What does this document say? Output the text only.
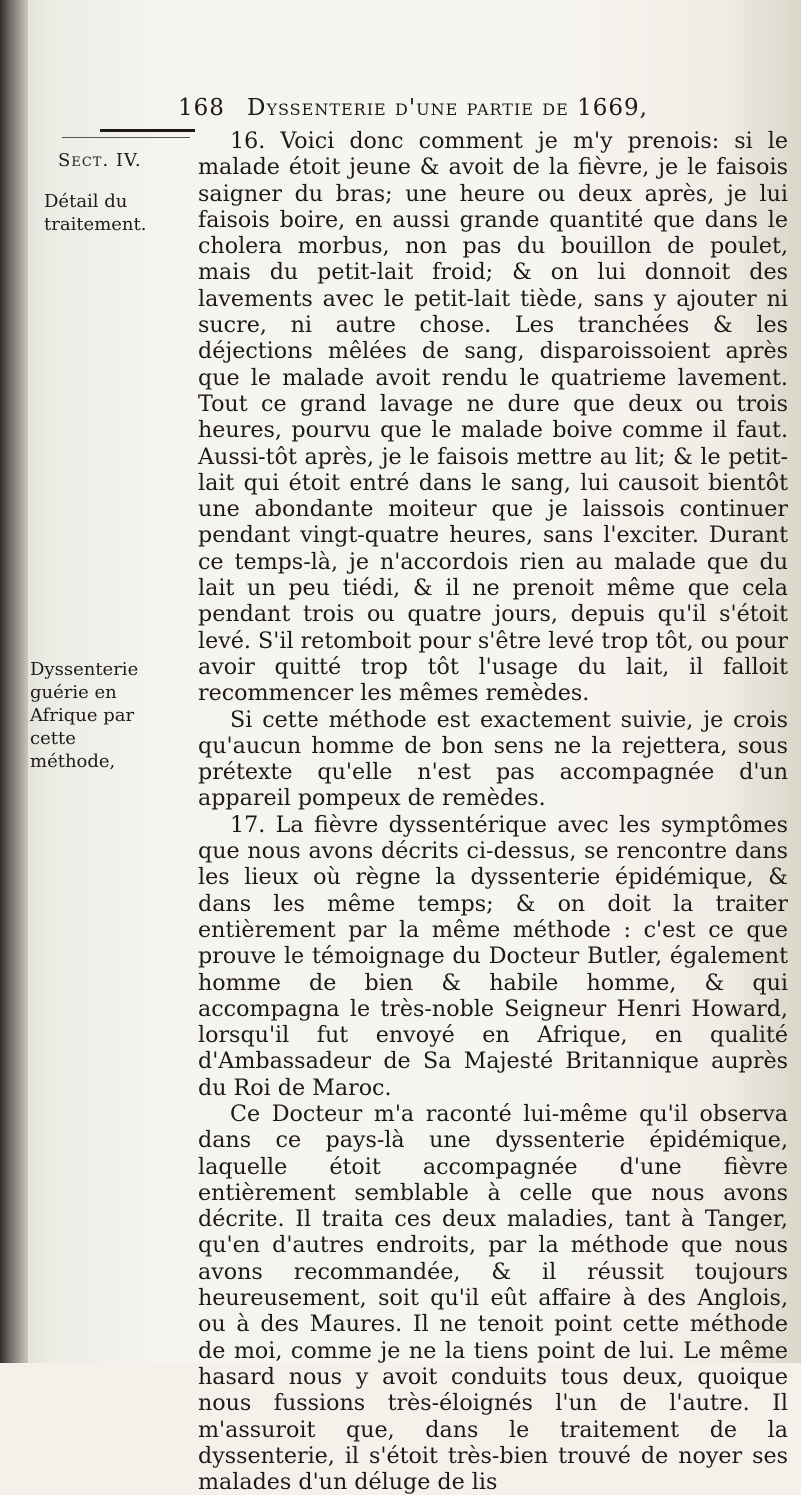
168 Dyssenterie d'une partie de 1669,
Sect. IV.
Détail du traitement.
Dyssenterie guérie en Afrique par cette méthode,

16. Voici donc comment je m'y prenois: si le malade étoit jeune & avoit de la fièvre, je le faisois saigner du bras; une heure ou deux après, je lui faisois boire, en aussi grande quantité que dans le cholera morbus, non pas du bouillon de poulet, mais du petit-lait froid; & on lui donnoit des lavements avec le petit-lait tiède, sans y ajouter ni sucre, ni autre chose. Les tranchées & les déjections mêlées de sang, disparoissoient après que le malade avoit rendu le quatrieme lavement. Tout ce grand lavage ne dure que deux ou trois heures, pourvu que le malade boive comme il faut. Aussi-tôt après, je le faisois mettre au lit; & le petit-lait qui étoit entré dans le sang, lui causoit bientôt une abondante moiteur que je laissois continuer pendant vingt-quatre heures, sans l'exciter. Durant ce temps-là, je n'accordois rien au malade que du lait un peu tiédi, & il ne prenoit même que cela pendant trois ou quatre jours, depuis qu'il s'étoit levé. S'il retomboit pour s'être levé trop tôt, ou pour avoir quitté trop tôt l'usage du lait, il falloit recommencer les mêmes remèdes.

Si cette méthode est exactement suivie, je crois qu'aucun homme de bon sens ne la rejettera, sous prétexte qu'elle n'est pas accompagnée d'un appareil pompeux de remèdes.

17. La fièvre dyssentérique avec les symptômes que nous avons décrits ci-dessus, se rencontre dans les lieux où règne la dyssenterie épidémique, & dans les même temps; & on doit la traiter entièrement par la même méthode : c'est ce que prouve le témoignage du Docteur Butler, également homme de bien & habile homme, & qui accompagna le très-noble Seigneur Henri Howard, lorsqu'il fut envoyé en Afrique, en qualité d'Ambassadeur de Sa Majesté Britannique auprès du Roi de Maroc.

Ce Docteur m'a raconté lui-même qu'il observa dans ce pays-là une dyssenterie épidémique, laquelle étoit accompagnée d'une fièvre entièrement semblable à celle que nous avons décrite. Il traita ces deux maladies, tant à Tanger, qu'en d'autres endroits, par la méthode que nous avons recommandée, & il réussit toujours heureusement, soit qu'il eût affaire à des Anglois, ou à des Maures. Il ne tenoit point cette méthode de moi, comme je ne la tiens point de lui. Le même hasard nous y avoit conduits tous deux, quoique nous fussions très-éloignés l'un de l'autre. Il m'assuroit que, dans le traitement de la dyssenterie, il s'étoit très-bien trouvé de noyer ses malades d'un déluge de lis
